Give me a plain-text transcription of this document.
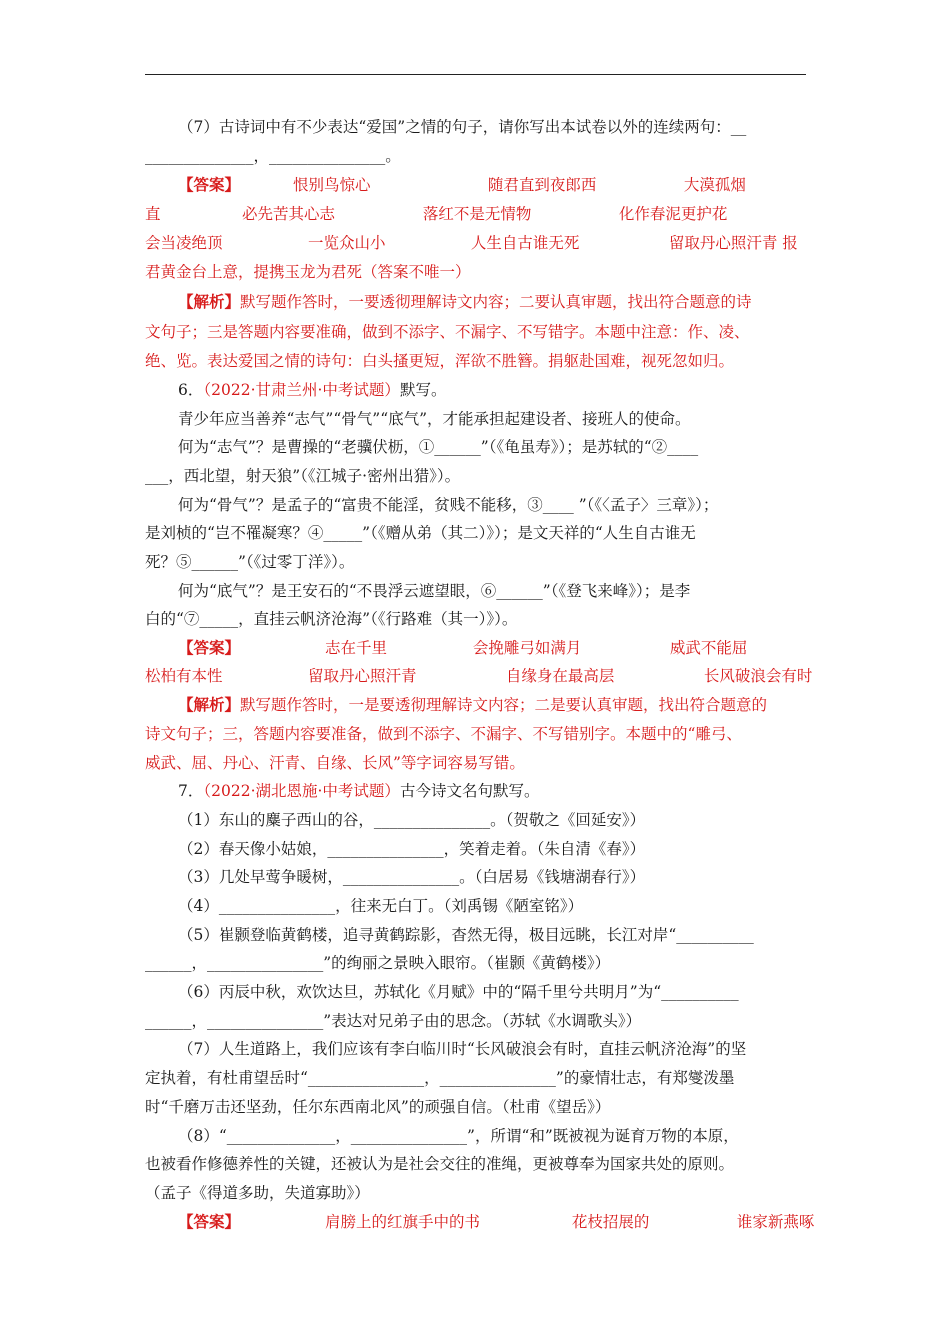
（7）古诗词中有不少表达“爱国”之情的句子，请你写出本试卷以外的连续两句：__
______________，_______________。
【答案】	恨别鸟惊心	随君直到夜郎西	大漠孤烟
直	必先苦其心志	落红不是无情物	化作春泥更护花
会当凌绝顶	一览众山小	人生自古谁无死	留取丹心照汗青 报
君黄金台上意，提携玉龙为君死（答案不唯一）
【解析】默写题作答时，一要透彻理解诗文内容；二要认真审题，找出符合题意的诗
文句子；三是答题内容要准确，做到不添字、不漏字、不写错字。本题中注意：作、凌、
绝、览。表达爱国之情的诗句：白头搔更短，浑欲不胜簪。捐躯赴国难，视死忽如归。
6．（2022·甘肃兰州·中考试题）默写。
青少年应当善养“志气”“骨气”“底气”，才能承担起建设者、接班人的使命。
何为“志气”？是曹操的“老骥伏枥，①______”（《龟虽寿》）；是苏轼的“②____
___，西北望，射天狼”（《江城子·密州出猎》）。
何为“骨气”？是孟子的“富贵不能淫，贫贱不能移，③____ ”（《〈孟子〉三章》）；
是刘桢的“岂不罹凝寒？④_____”（《赠从弟（其二）》）；是文天祥的“人生自古谁无
死？⑤______”（《过零丁洋》）。
何为“底气”？是王安石的“不畏浮云遮望眼，⑥______”（《登飞来峰》）；是李
白的“⑦_____，直挂云帆济沧海”（《行路难（其一）》）。
【答案】	志在千里	会挽雕弓如满月	威武不能屈
松柏有本性	留取丹心照汗青	自缘身在最高层	长风破浪会有时
【解析】默写题作答时，一是要透彻理解诗文内容；二是要认真审题，找出符合题意的
诗文句子；三，答题内容要准备，做到不添字、不漏字、不写错别字。本题中的“雕弓、
威武、屈、丹心、汗青、自缘、长风”等字词容易写错。
7．（2022·湖北恩施·中考试题）古今诗文名句默写。
（1）东山的麋子西山的谷，_______________。（贺敬之《回延安》）
（2）春天像小姑娘，_______________，笑着走着。（朱自清《春》）
（3）几处早莺争暖树，_______________。（白居易《钱塘湖春行》）
（4）_______________，往来无白丁。（刘禹锡《陋室铭》）
（5）崔颢登临黄鹤楼，追寻黄鹤踪影，杳然无得，极目远眺，长江对岸“__________
______，_______________”的绚丽之景映入眼帘。（崔颢《黄鹤楼》）
（6）丙辰中秋，欢饮达旦，苏轼化《月赋》中的“隔千里兮共明月”为“__________
______，_______________”表达对兄弟子由的思念。（苏轼《水调歌头》）
（7）人生道路上，我们应该有李白临川时“长风破浪会有时，直挂云帆济沧海”的坚
定执着，有杜甫望岳时“_______________，_______________”的豪情壮志，有郑燮泼墨
时“千磨万击还坚劲，任尔东西南北风”的顽强自信。（杜甫《望岳》）
（8）“______________，_______________”，所谓“和”既被视为诞育万物的本原，
也被看作修德养性的关键，还被认为是社会交往的准绳，更被尊奉为国家共处的原则。
（孟子《得道多助，失道寡助》）
【答案】	肩膀上的红旗手中的书	花枝招展的	谁家新燕啄
